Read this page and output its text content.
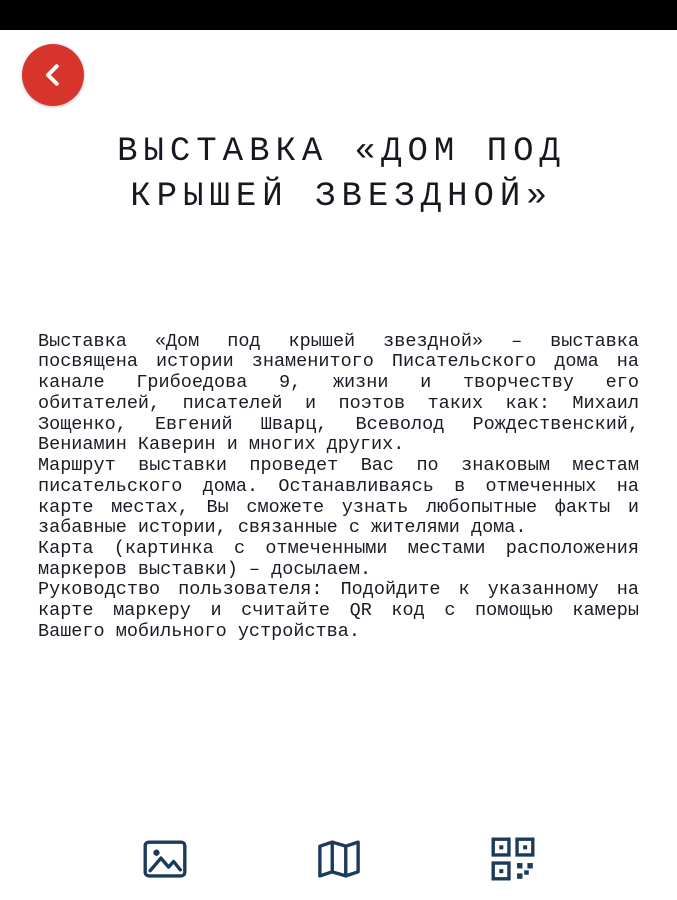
ВЫСТАВКА «ДОМ ПОД
КРЫШЕЙ ЗВЕЗДНОЙ»

Выставка «Дом под крышей звездной» – выставка посвящена истории знаменитого Писательского дома на канале Грибоедова 9, жизни и творчеству его обитателей, писателей и поэтов таких как: Михаил Зощенко, Евгений Шварц, Всеволод Рождественский, Вениамин Каверин и многих других.

Маршрут выставки проведет Вас по знаковым местам писательского дома. Останавливаясь в отмеченных на карте местах, Вы сможете узнать любопытные факты и забавные истории, связанные с жителями дома.

Карта (картинка с отмеченными местами расположения маркеров выставки) – досылаем.

Руководство пользователя: Подойдите к указанному на карте маркеру и считайте QR код с помощью камеры Вашего мобильного устройства.
